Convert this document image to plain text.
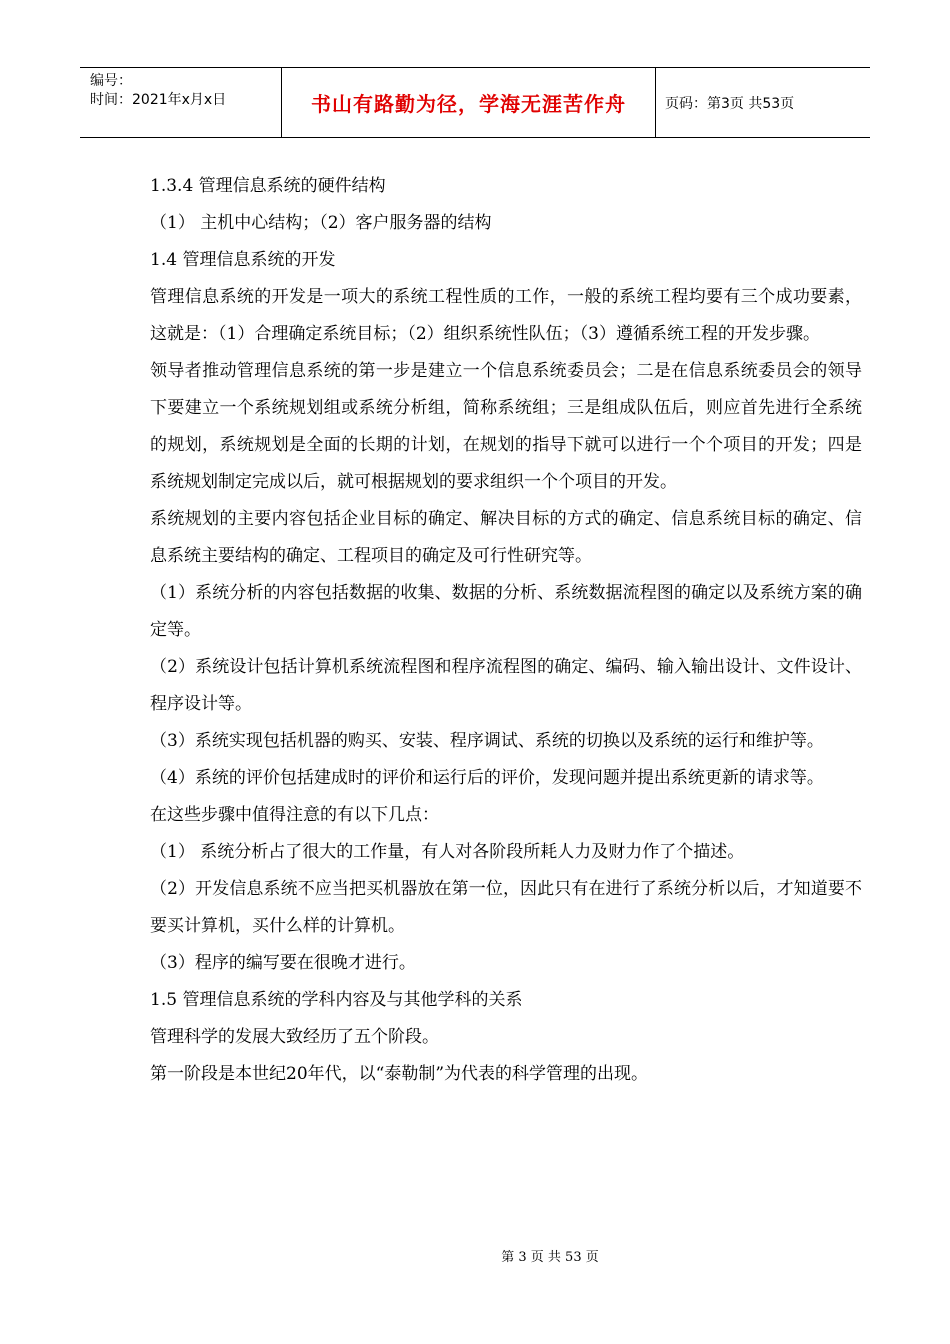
编号：
时间：2021年x月x日	书山有路勤为径，学海无涯苦作舟	页码：第3页 共53页

1.3.4 管理信息系统的硬件结构

（1） 主机中心结构；（2）客户服务器的结构

1.4 管理信息系统的开发

管理信息系统的开发是一项大的系统工程性质的工作，一般的系统工程均要有三个成功要素，这就是：（1）合理确定系统目标；（2）组织系统性队伍；（3）遵循系统工程的开发步骤。

领导者推动管理信息系统的第一步是建立一个信息系统委员会；二是在信息系统委员会的领导下要建立一个系统规划组或系统分析组，简称系统组；三是组成队伍后，则应首先进行全系统的规划，系统规划是全面的长期的计划，在规划的指导下就可以进行一个个项目的开发；四是系统规划制定完成以后，就可根据规划的要求组织一个个项目的开发。

系统规划的主要内容包括企业目标的确定、解决目标的方式的确定、信息系统目标的确定、信息系统主要结构的确定、工程项目的确定及可行性研究等。

（1）系统分析的内容包括数据的收集、数据的分析、系统数据流程图的确定以及系统方案的确定等。

（2）系统设计包括计算机系统流程图和程序流程图的确定、编码、输入输出设计、文件设计、程序设计等。

（3）系统实现包括机器的购买、安装、程序调试、系统的切换以及系统的运行和维护等。

（4）系统的评价包括建成时的评价和运行后的评价，发现问题并提出系统更新的请求等。

在这些步骤中值得注意的有以下几点：

（1） 系统分析占了很大的工作量，有人对各阶段所耗人力及财力作了个描述。

（2）开发信息系统不应当把买机器放在第一位，因此只有在进行了系统分析以后，才知道要不要买计算机，买什么样的计算机。

（3）程序的编写要在很晚才进行。

1.5 管理信息系统的学科内容及与其他学科的关系

管理科学的发展大致经历了五个阶段。

第一阶段是本世纪20年代，以“泰勒制”为代表的科学管理的出现。

第 3 页 共 53 页
